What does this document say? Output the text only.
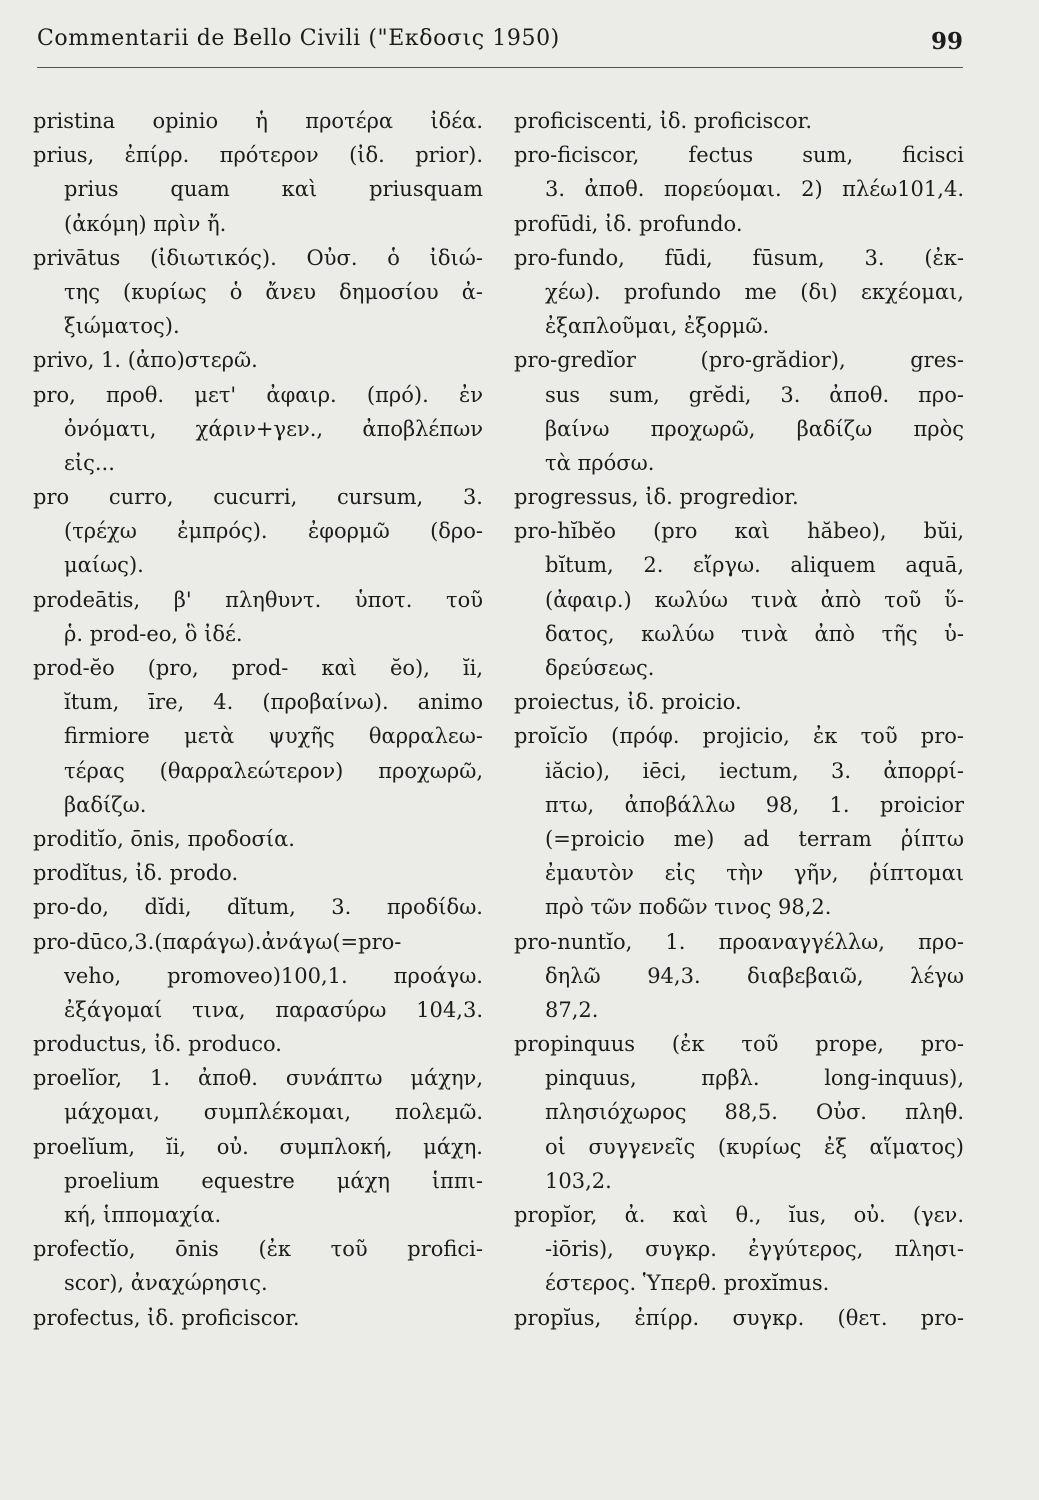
Commentarii de Bello Civili ("Εκδοσις 1950)	99
pristina opinio ἡ προτέρα ἰδέα.
prius, ἐπίρρ. πρότερον (ἰδ. prior).
prius quam καὶ priusquam
(ἀκόμη) πρὶν ἤ.
privātus (ἰδιωτικός). Οὐσ. ὁ ἰδιώ-
της (κυρίως ὁ ἄνευ δημοσίου ἀ-
ξιώματος).
privo, 1. (ἀπο)στερῶ.
pro, προθ. μετ' ἀφαιρ. (πρό). ἐν
ὀνόματι, χάριν+γεν., ἀποβλέπων
εἰς...
pro curro, cucurri, cursum, 3.
(τρέχω ἐμπρός). ἐφορμῶ (δρο-
μαίως).
prodeātis, β' πληθυντ. ὑποτ. τοῦ
ῥ. prod-eo, ὃ ἰδέ.
prod-ĕo (pro, prod- καὶ ĕo), ĭi,
ĭtum, īre, 4. (προβαίνω). animo
firmiore μετὰ ψυχῆς θαρραλεω-
τέρας (θαρραλεώτερον) προχωρῶ,
βαδίζω.
proditĭo, ōnis, προδοσία.
prodĭtus, ἰδ. prodo.
pro-do, dĭdi, dĭtum, 3. προδίδω.
pro-dūco,3.(παράγω).ἀνάγω(=pro-
veho, promoveo)100,1. προάγω.
ἐξάγομαί τινα, παρασύρω 104,3.
productus, ἰδ. produco.
proelĭor, 1. ἀποθ. συνάπτω μάχην,
μάχομαι, συμπλέκομαι, πολεμῶ.
proelĭum, ĭi, οὐ. συμπλοκή, μάχη.
proelium equestre μάχη ἱππι-
κή, ἱππομαχία.
profectĭo, ōnis (ἐκ τοῦ profici-
scor), ἀναχώρησις.
profectus, ἰδ. proficiscor.
proficiscenti, ἰδ. proficiscor.
pro-ficiscor, fectus sum, ficisci
3. ἀποθ. πορεύομαι. 2) πλέω101,4.
profūdi, ἰδ. profundo.
pro-fundo, fūdi, fūsum, 3. (ἐκ-
χέω). profundo me (δι) εκχέομαι,
ἐξαπλοῦμαι, ἐξορμῶ.
pro-gredĭor (pro-grădior), gres-
sus sum, grĕdi, 3. ἀποθ. προ-
βαίνω προχωρῶ, βαδίζω πρὸς
τὰ πρόσω.
progressus, ἰδ. progredior.
pro-hĭbĕo (pro καὶ hăbeo), bŭi,
bĭtum, 2. εἴργω. aliquem aquā,
(ἀφαιρ.) κωλύω τινὰ ἀπὸ τοῦ ὕ-
δατος, κωλύω τινὰ ἀπὸ τῆς ὑ-
δρεύσεως.
proiectus, ἰδ. proicio.
proĭcĭo (πρόφ. projicio, ἐκ τοῦ pro-
iăcio), iēci, iectum, 3. ἀπορρί-
πτω, ἀποβάλλω 98, 1. proicior
(=proicio me) ad terram ῥίπτω
ἐμαυτὸν εἰς τὴν γῆν, ῥίπτομαι
πρὸ τῶν ποδῶν τινος 98,2.
pro-nuntĭo, 1. προαναγγέλλω, προ-
δηλῶ 94,3. διαβεβαιῶ, λέγω
87,2.
propinquus (ἐκ τοῦ prope, pro-
pinquus, πρβλ. long-inquus),
πλησιόχωρος 88,5. Οὐσ. πληθ.
οἱ συγγενεῖς (κυρίως ἐξ αἵματος)
103,2.
propĭor, ἀ. καὶ θ., ĭus, οὐ. (γεν.
-iōris), συγκρ. ἐγγύτερος, πλησι-
έστερος. Ὑπερθ. proxĭmus.
propĭus, ἐπίρρ. συγκρ. (θετ. pro-
